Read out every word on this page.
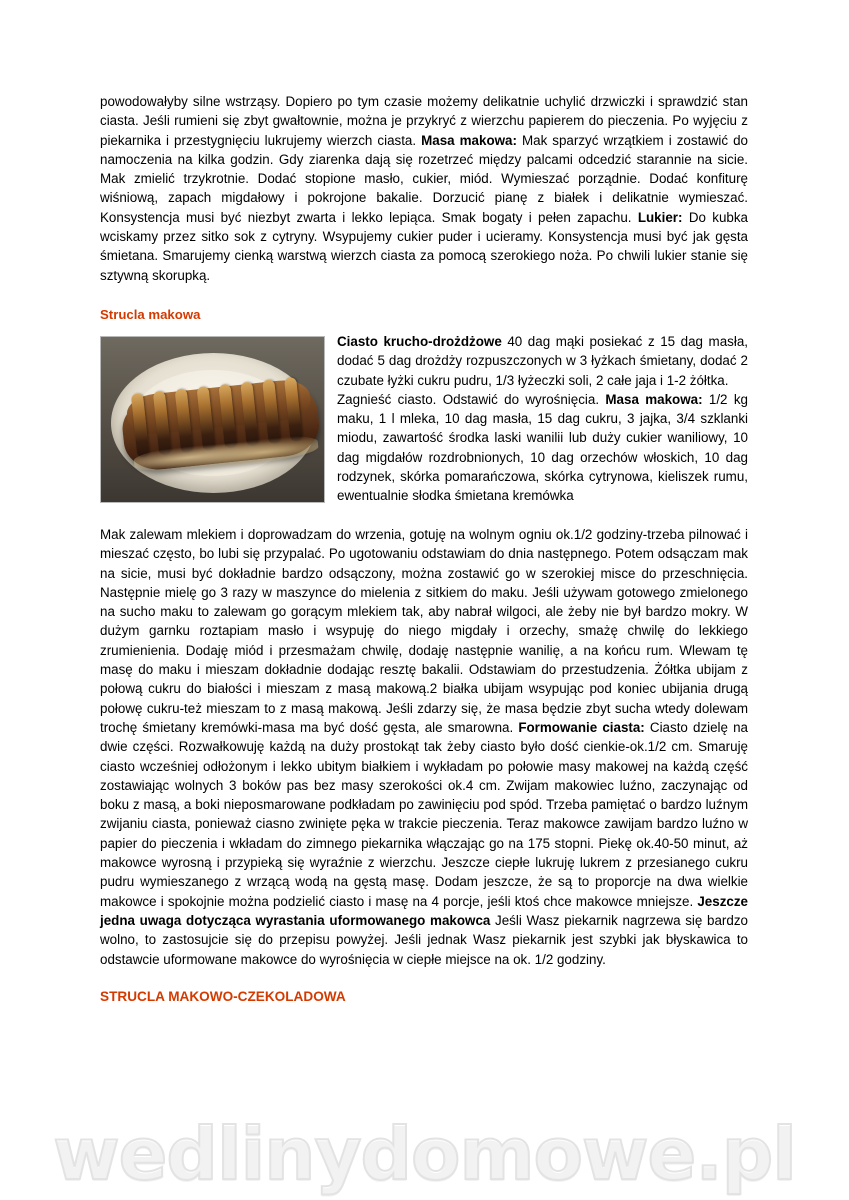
powodowałyby silne wstrząsy. Dopiero po tym czasie możemy delikatnie uchylić drzwiczki i sprawdzić stan ciasta. Jeśli rumieni się zbyt gwałtownie, można je przykryć z wierzchu papierem do pieczenia. Po wyjęciu z piekarnika i przestygnięciu lukrujemy wierzch ciasta. Masa makowa: Mak sparzyć wrzątkiem i zostawić do namoczenia na kilka godzin. Gdy ziarenka dają się rozetrzeć między palcami odcedzić starannie na sicie. Mak zmielić trzykrotnie. Dodać stopione masło, cukier, miód. Wymieszać porządnie. Dodać konfiturę wiśniową, zapach migdałowy i pokrojone bakalie. Dorzucić pianę z białek i delikatnie wymieszać. Konsystencja musi być niezbyt zwarta i lekko lepiąca. Smak bogaty i pełen zapachu. Lukier: Do kubka wciskamy przez sitko sok z cytryny. Wsypujemy cukier puder i ucieramy. Konsystencja musi być jak gęsta śmietana. Smarujemy cienką warstwą wierzch ciasta za pomocą szerokiego noża. Po chwili lukier stanie się sztywną skorupką.
Strucla makowa
Ciasto krucho-drożdżowe 40 dag mąki posiekać z 15 dag masła, dodać 5 dag drożdży rozpuszczonych w 3 łyżkach śmietany, dodać 2 czubate łyżki cukru pudru, 1/3 łyżeczki soli, 2 całe jaja i 1-2 żółtka.
Zagnieść ciasto. Odstawić do wyrośnięcia. Masa makowa: 1/2 kg maku, 1 l mleka, 10 dag masła, 15 dag cukru, 3 jajka, 3/4 szklanki miodu, zawartość środka laski wanilii lub duży cukier waniliowy, 10 dag migdałów rozdrobnionych, 10 dag orzechów włoskich, 10 dag rodzynek, skórka pomarańczowa, skórka cytrynowa, kieliszek rumu, ewentualnie słodka śmietana kremówka
Mak zalewam mlekiem i doprowadzam do wrzenia, gotuję na wolnym ogniu ok.1/2 godziny-trzeba pilnować i mieszać często, bo lubi się przypalać. Po ugotowaniu odstawiam do dnia następnego. Potem odsączam mak na sicie, musi być dokładnie bardzo odsączony, można zostawić go w szerokiej misce do przeschnięcia. Następnie mielę go 3 razy w maszynce do mielenia z sitkiem do maku. Jeśli używam gotowego zmielonego na sucho maku to zalewam go gorącym mlekiem tak, aby nabrał wilgoci, ale żeby nie był bardzo mokry. W dużym garnku roztapiam masło i wsypuję do niego migdały i orzechy, smażę chwilę do lekkiego zrumienienia. Dodaję miód i przesmażam chwilę, dodaję następnie wanilię, a na końcu rum. Wlewam tę masę do maku i mieszam dokładnie dodając resztę bakalii. Odstawiam do przestudzenia. Żółtka ubijam z połową cukru do białości i mieszam z masą makową.2 białka ubijam wsypując pod koniec ubijania drugą połowę cukru-też mieszam to z masą makową. Jeśli zdarzy się, że masa będzie zbyt sucha wtedy dolewam trochę śmietany kremówki-masa ma być dość gęsta, ale smarowna. Formowanie ciasta: Ciasto dzielę na dwie części. Rozwałkowuję każdą na duży prostokąt tak żeby ciasto było dość cienkie-ok.1/2 cm. Smaruję ciasto wcześniej odłożonym i lekko ubitym białkiem i wykładam po połowie masy makowej na każdą część zostawiając wolnych 3 boków pas bez masy szerokości ok.4 cm. Zwijam makowiec luźno, zaczynając od boku z masą, a boki nieposmarowane podkładam po zawinięciu pod spód. Trzeba pamiętać o bardzo luźnym zwijaniu ciasta, ponieważ ciasno zwinięte pęka w trakcie pieczenia. Teraz makowce zawijam bardzo luźno w papier do pieczenia i wkładam do zimnego piekarnika włączając go na 175 stopni. Piekę ok.40-50 minut, aż makowce wyrosną i przypieką się wyraźnie z wierzchu. Jeszcze ciepłe lukruję lukrem z przesianego cukru pudru wymieszanego z wrzącą wodą na gęstą masę. Dodam jeszcze, że są to proporcje na dwa wielkie makowce i spokojnie można podzielić ciasto i masę na 4 porcje, jeśli ktoś chce makowce mniejsze. Jeszcze jedna uwaga dotycząca wyrastania uformowanego makowca Jeśli Wasz piekarnik nagrzewa się bardzo wolno, to zastosujcie się do przepisu powyżej. Jeśli jednak Wasz piekarnik jest szybki jak błyskawica to odstawcie uformowane makowce do wyrośnięcia w ciepłe miejsce na ok. 1/2 godziny.
STRUCLA MAKOWO-CZEKOLADOWA
wedlinydomowe.pl
